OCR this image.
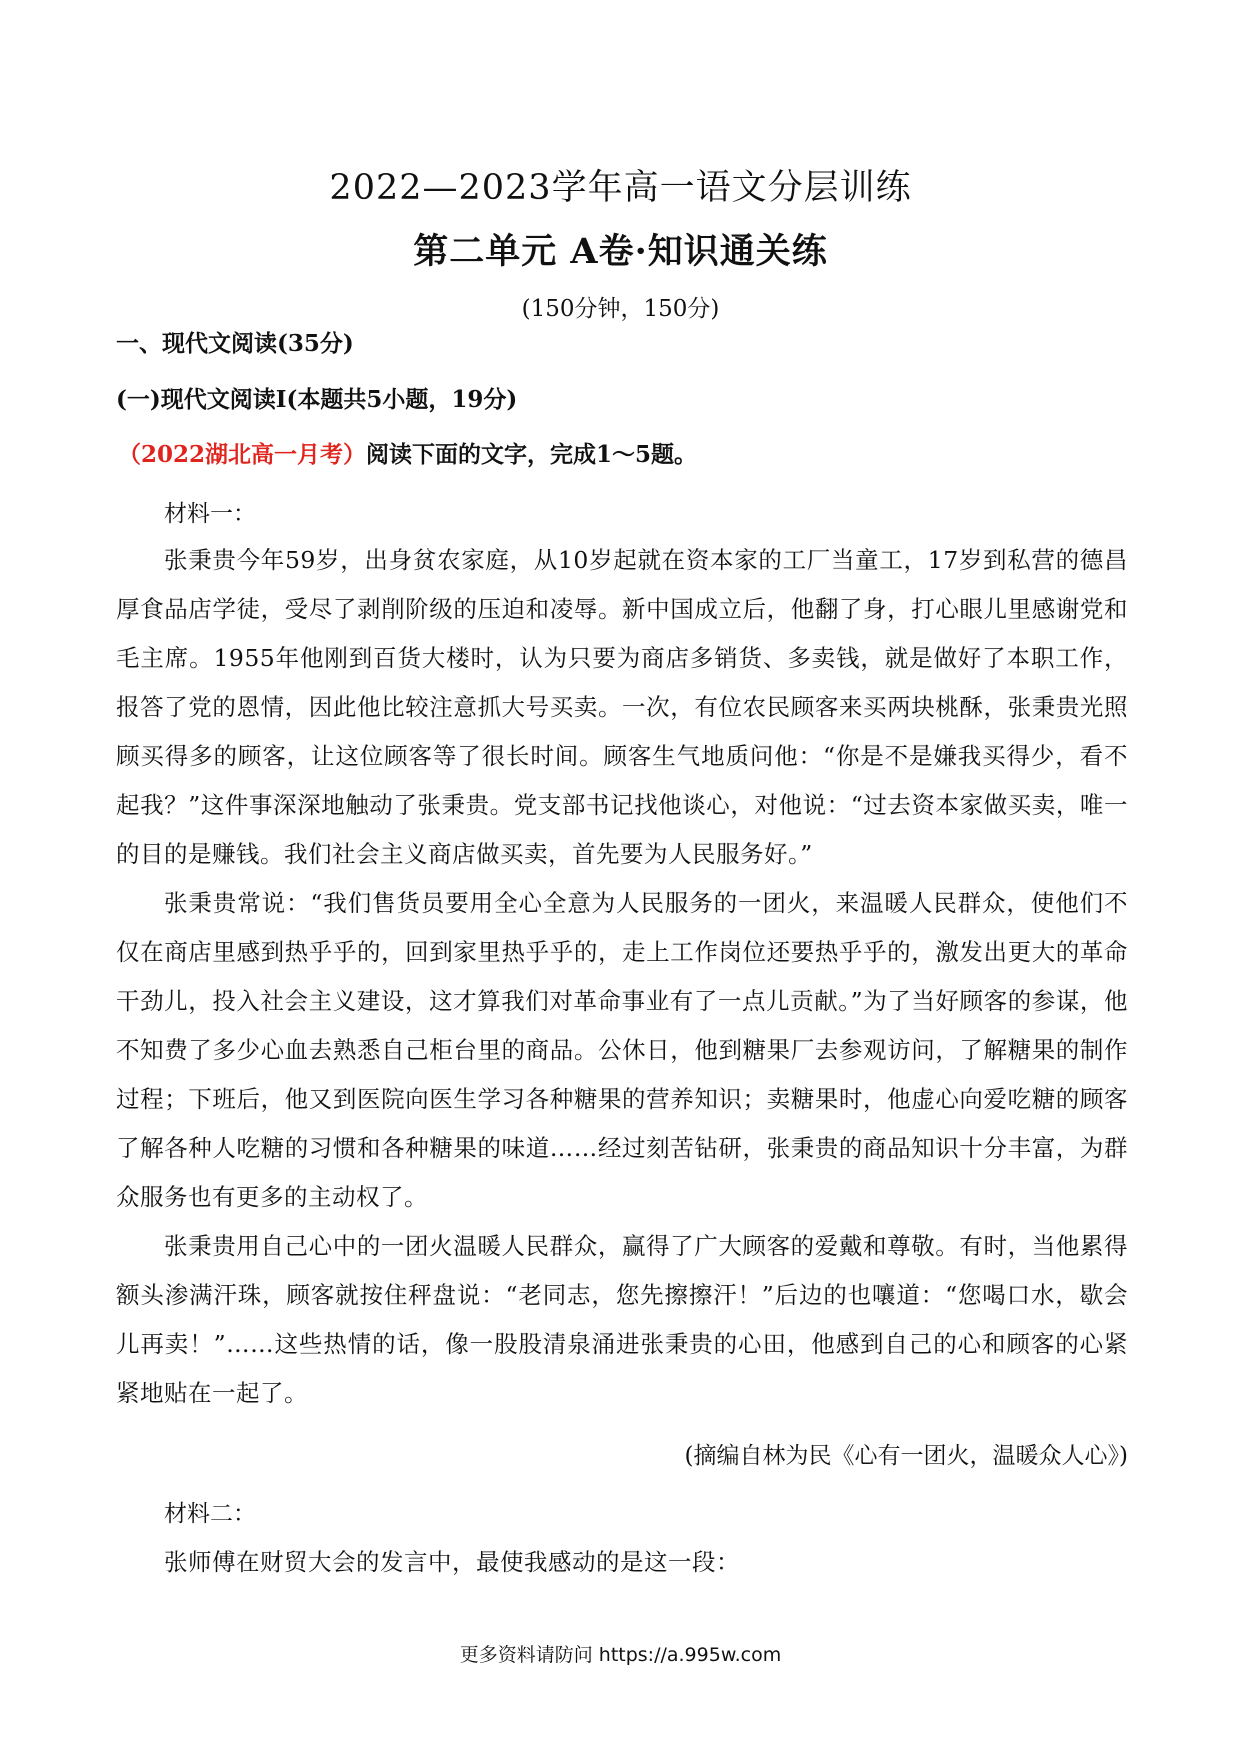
2022—2023学年高一语文分层训练
第二单元 A卷·知识通关练
(150分钟，150分)
一、现代文阅读(35分)
(一)现代文阅读Ⅰ(本题共5小题，19分)
（2022湖北高一月考）阅读下面的文字，完成1～5题。
材料一：

张秉贵今年59岁，出身贫农家庭，从10岁起就在资本家的工厂当童工，17岁到私营的德昌厚食品店学徒，受尽了剥削阶级的压迫和凌辱。新中国成立后，他翻了身，打心眼儿里感谢党和毛主席。1955年他刚到百货大楼时，认为只要为商店多销货、多卖钱，就是做好了本职工作，报答了党的恩情，因此他比较注意抓大号买卖。一次，有位农民顾客来买两块桃酥，张秉贵光照顾买得多的顾客，让这位顾客等了很长时间。顾客生气地质问他：“你是不是嫌我买得少，看不起我？”这件事深深地触动了张秉贵。党支部书记找他谈心，对他说：“过去资本家做买卖，唯一的目的是赚钱。我们社会主义商店做买卖，首先要为人民服务好。”

张秉贵常说：“我们售货员要用全心全意为人民服务的一团火，来温暖人民群众，使他们不仅在商店里感到热乎乎的，回到家里热乎乎的，走上工作岗位还要热乎乎的，激发出更大的革命干劲儿，投入社会主义建设，这才算我们对革命事业有了一点儿贡献。”为了当好顾客的参谋，他不知费了多少心血去熟悉自己柜台里的商品。公休日，他到糖果厂去参观访问，了解糖果的制作过程；下班后，他又到医院向医生学习各种糖果的营养知识；卖糖果时，他虚心向爱吃糖的顾客了解各种人吃糖的习惯和各种糖果的味道……经过刻苦钻研，张秉贵的商品知识十分丰富，为群众服务也有更多的主动权了。

张秉贵用自己心中的一团火温暖人民群众，赢得了广大顾客的爱戴和尊敬。有时，当他累得额头渗满汗珠，顾客就按住秤盘说：“老同志，您先擦擦汗！”后边的也嚷道：“您喝口水，歇会儿再卖！”……这些热情的话，像一股股清泉涌进张秉贵的心田，他感到自己的心和顾客的心紧紧地贴在一起了。

(摘编自林为民《心有一团火，温暖众人心》)
材料二：

张师傅在财贸大会的发言中，最使我感动的是这一段：

更多资料请防问 https://a.995w.com
